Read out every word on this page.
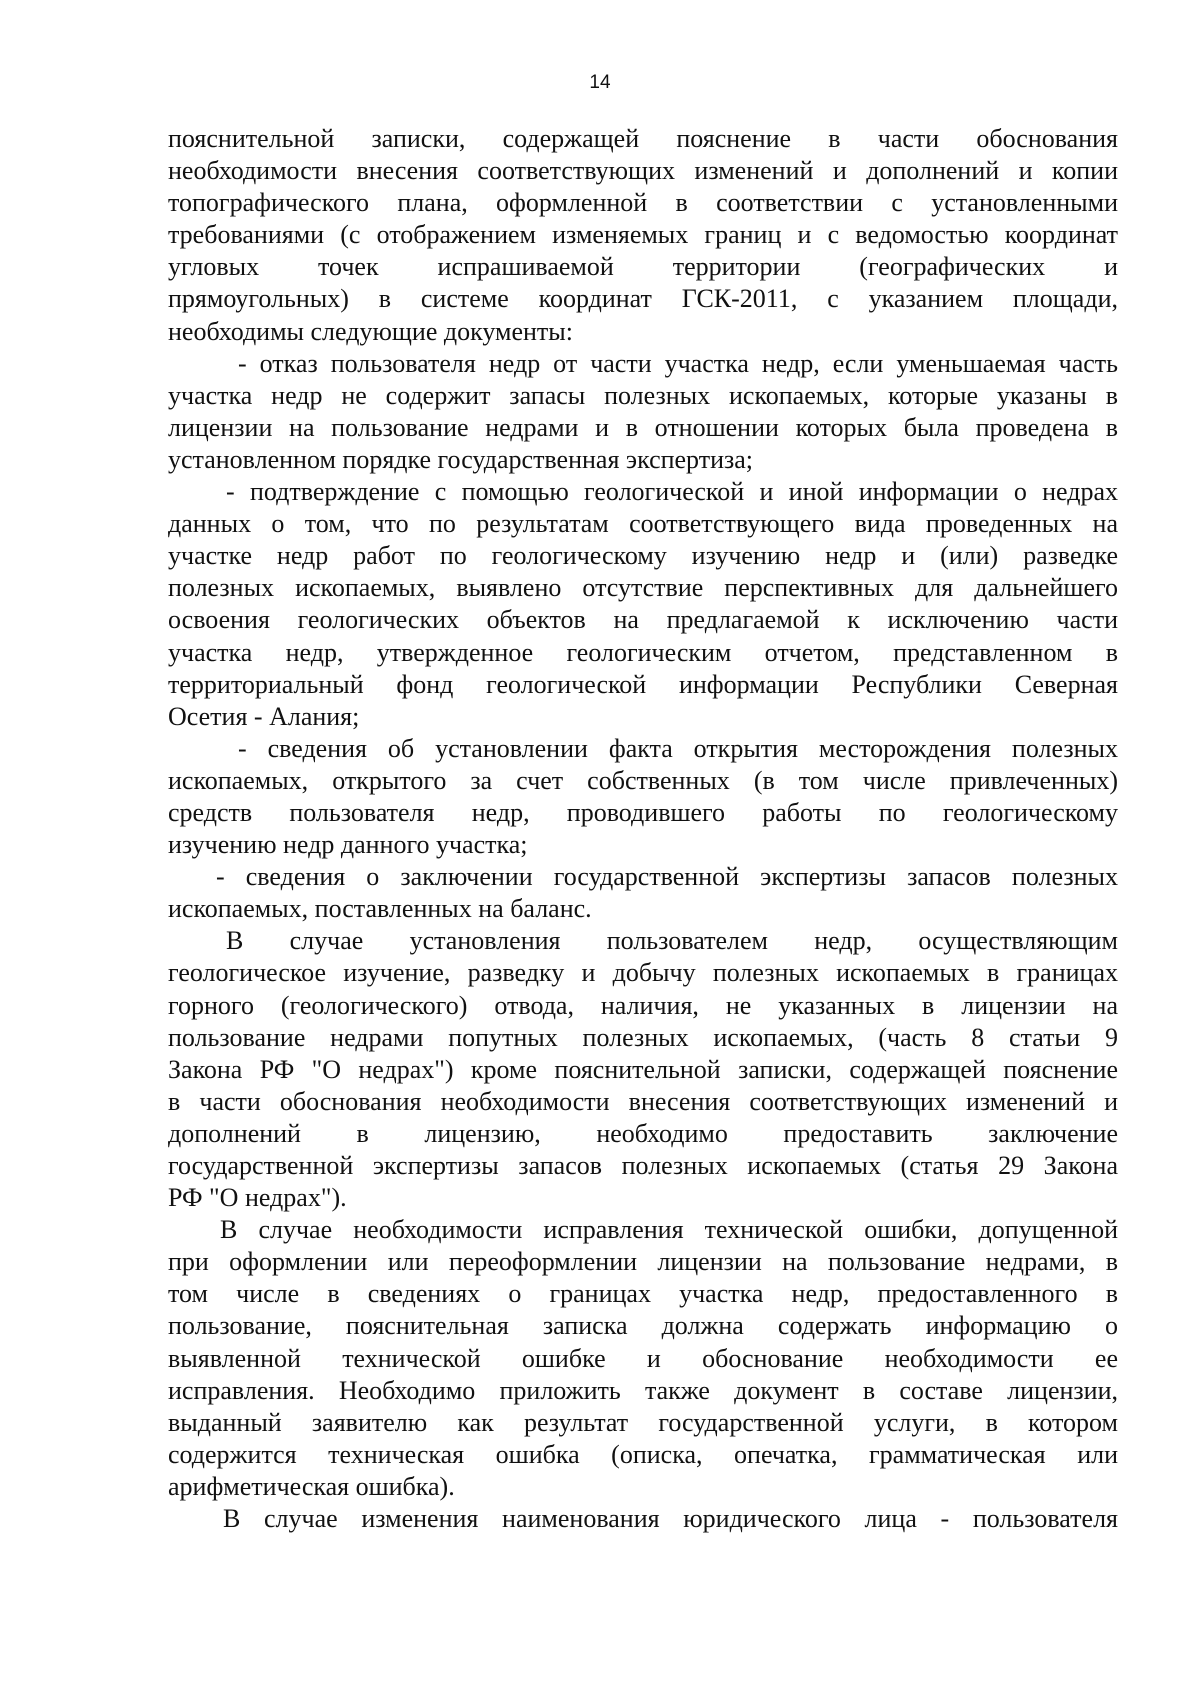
14
пояснительной записки, содержащей пояснение в части обоснования
необходимости внесения соответствующих изменений и дополнений и копии
топографического плана, оформленной в соответствии с установленными
требованиями (с отображением изменяемых границ и с ведомостью координат
угловых точек испрашиваемой территории (географических и
прямоугольных) в системе координат ГСК-2011, с указанием площади,
необходимы следующие документы:
- отказ пользователя недр от части участка недр, если уменьшаемая часть
участка недр не содержит запасы полезных ископаемых, которые указаны в
лицензии на пользование недрами и в отношении которых была проведена в
установленном порядке государственная экспертиза;
- подтверждение с помощью геологической и иной информации о недрах
данных о том, что по результатам соответствующего вида проведенных на
участке недр работ по геологическому изучению недр и (или) разведке
полезных ископаемых, выявлено отсутствие перспективных для дальнейшего
освоения геологических объектов на предлагаемой к исключению части
участка недр, утвержденное геологическим отчетом, представленном в
территориальный фонд геологической информации Республики Северная
Осетия - Алания;
- сведения об установлении факта открытия месторождения полезных
ископаемых, открытого за счет собственных (в том числе привлеченных)
средств пользователя недр, проводившего работы по геологическому
изучению недр данного участка;
- сведения о заключении государственной экспертизы запасов полезных
ископаемых, поставленных на баланс.
В случае установления пользователем недр, осуществляющим
геологическое изучение, разведку и добычу полезных ископаемых в границах
горного (геологического) отвода, наличия, не указанных в лицензии на
пользование недрами попутных полезных ископаемых, (часть 8 статьи 9
Закона РФ "О недрах") кроме пояснительной записки, содержащей пояснение
в части обоснования необходимости внесения соответствующих изменений и
дополнений в лицензию, необходимо предоставить заключение
государственной экспертизы запасов полезных ископаемых (статья 29 Закона
РФ "О недрах").
В случае необходимости исправления технической ошибки, допущенной
при оформлении или переоформлении лицензии на пользование недрами, в
том числе в сведениях о границах участка недр, предоставленного в
пользование, пояснительная записка должна содержать информацию о
выявленной технической ошибке и обоснование необходимости ее
исправления. Необходимо приложить также документ в составе лицензии,
выданный заявителю как результат государственной услуги, в котором
содержится техническая ошибка (описка, опечатка, грамматическая или
арифметическая ошибка).
В случае изменения наименования юридического лица - пользователя
